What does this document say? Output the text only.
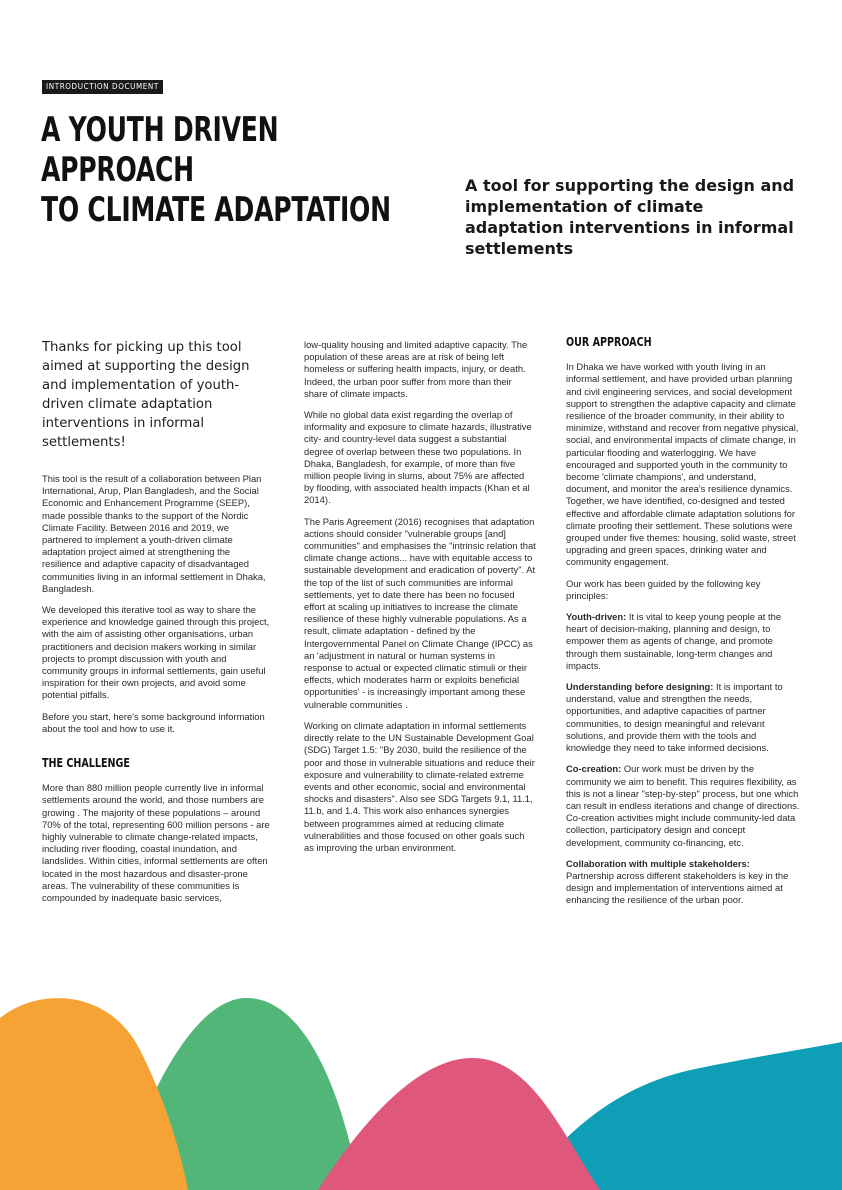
INTRODUCTION DOCUMENT
A YOUTH DRIVEN
APPROACH
TO CLIMATE ADAPTATION
A tool for supporting the design and implementation of climate adaptation interventions in informal settlements

Thanks for picking up this tool aimed at supporting the design and implementation of youth-driven climate adaptation interventions in informal settlements!

This tool is the result of a collaboration between Plan International, Arup, Plan Bangladesh, and the Social Economic and Enhancement Programme (SEEP), made possible thanks to the support of the Nordic Climate Facility. Between 2016 and 2019, we partnered to implement a youth-driven climate adaptation project aimed at strengthening the resilience and adaptive capacity of disadvantaged communities living in an informal settlement in Dhaka, Bangladesh.

We developed this iterative tool as way to share the experience and knowledge gained through this project, with the aim of assisting other organisations, urban practitioners and decision makers working in similar projects to prompt discussion with youth and community groups in informal settlements, gain useful inspiration for their own projects, and avoid some potential pitfalls.

Before you start, here's some background information about the tool and how to use it.

THE CHALLENGE

More than 880 million people currently live in informal settlements around the world, and those numbers are growing . The majority of these populations – around 70% of the total, representing 600 million persons - are highly vulnerable to climate change-related impacts, including river flooding, coastal inundation, and landslides. Within cities, informal settlements are often located in the most hazardous and disaster-prone areas. The vulnerability of these communities is compounded by inadequate basic services,

low-quality housing and limited adaptive capacity. The population of these areas are at risk of being left homeless or suffering health impacts, injury, or death. Indeed, the urban poor suffer from more than their share of climate impacts.

While no global data exist regarding the overlap of informality and exposure to climate hazards, illustrative city- and country-level data suggest a substantial degree of overlap between these two populations. In Dhaka, Bangladesh, for example, of more than five million people living in slums, about 75% are affected by flooding, with associated health impacts (Khan et al 2014).

The Paris Agreement (2016) recognises that adaptation actions should consider "vulnerable groups [and] communities" and emphasises the "intrinsic relation that climate change actions... have with equitable access to sustainable development and eradication of poverty". At the top of the list of such communities are informal settlements, yet to date there has been no focused effort at scaling up initiatives to increase the climate resilience of these highly vulnerable populations. As a result, climate adaptation - defined by the Intergovernmental Panel on Climate Change (IPCC) as an 'adjustment in natural or human systems in response to actual or expected climatic stimuli or their effects, which moderates harm or exploits beneficial opportunities' - is increasingly important among these vulnerable communities .

Working on climate adaptation in informal settlements directly relate to the UN Sustainable Development Goal (SDG) Target 1.5: "By 2030, build the resilience of the poor and those in vulnerable situations and reduce their exposure and vulnerability to climate-related extreme events and other economic, social and environmental shocks and disasters". Also see SDG Targets 9.1, 11.1, 11.b, and 1.4. This work also enhances synergies between programmes aimed at reducing climate vulnerabilities and those focused on other goals such as improving the urban environment.

OUR APPROACH

In Dhaka we have worked with youth living in an informal settlement, and have provided urban planning and civil engineering services, and social development support to strengthen the adaptive capacity and climate resilience of the broader community, in their ability to minimize, withstand and recover from negative physical, social, and environmental impacts of climate change, in particular flooding and waterlogging. We have encouraged and supported youth in the community to become 'climate champions', and understand, document, and monitor the area's resilience dynamics. Together, we have identified, co-designed and tested effective and affordable climate adaptation solutions for climate proofing their settlement. These solutions were grouped under five themes: housing, solid waste, street upgrading and green spaces, drinking water and community engagement.

Our work has been guided by the following key principles:

Youth-driven: It is vital to keep young people at the heart of decision-making, planning and design, to empower them as agents of change, and promote through them sustainable, long-term changes and impacts.

Understanding before designing: It is important to understand, value and strengthen the needs, opportunities, and adaptive capacities of partner communities, to design meaningful and relevant solutions, and provide them with the tools and knowledge they need to take informed decisions.

Co-creation: Our work must be driven by the community we aim to benefit. This requires flexibility, as this is not a linear "step-by-step" process, but one which can result in endless iterations and change of directions. Co-creation activities might include community-led data collection, participatory design and concept development, community co-financing, etc.

Collaboration with multiple stakeholders:
Partnership across different stakeholders is key in the design and implementation of interventions aimed at enhancing the resilience of the urban poor.
